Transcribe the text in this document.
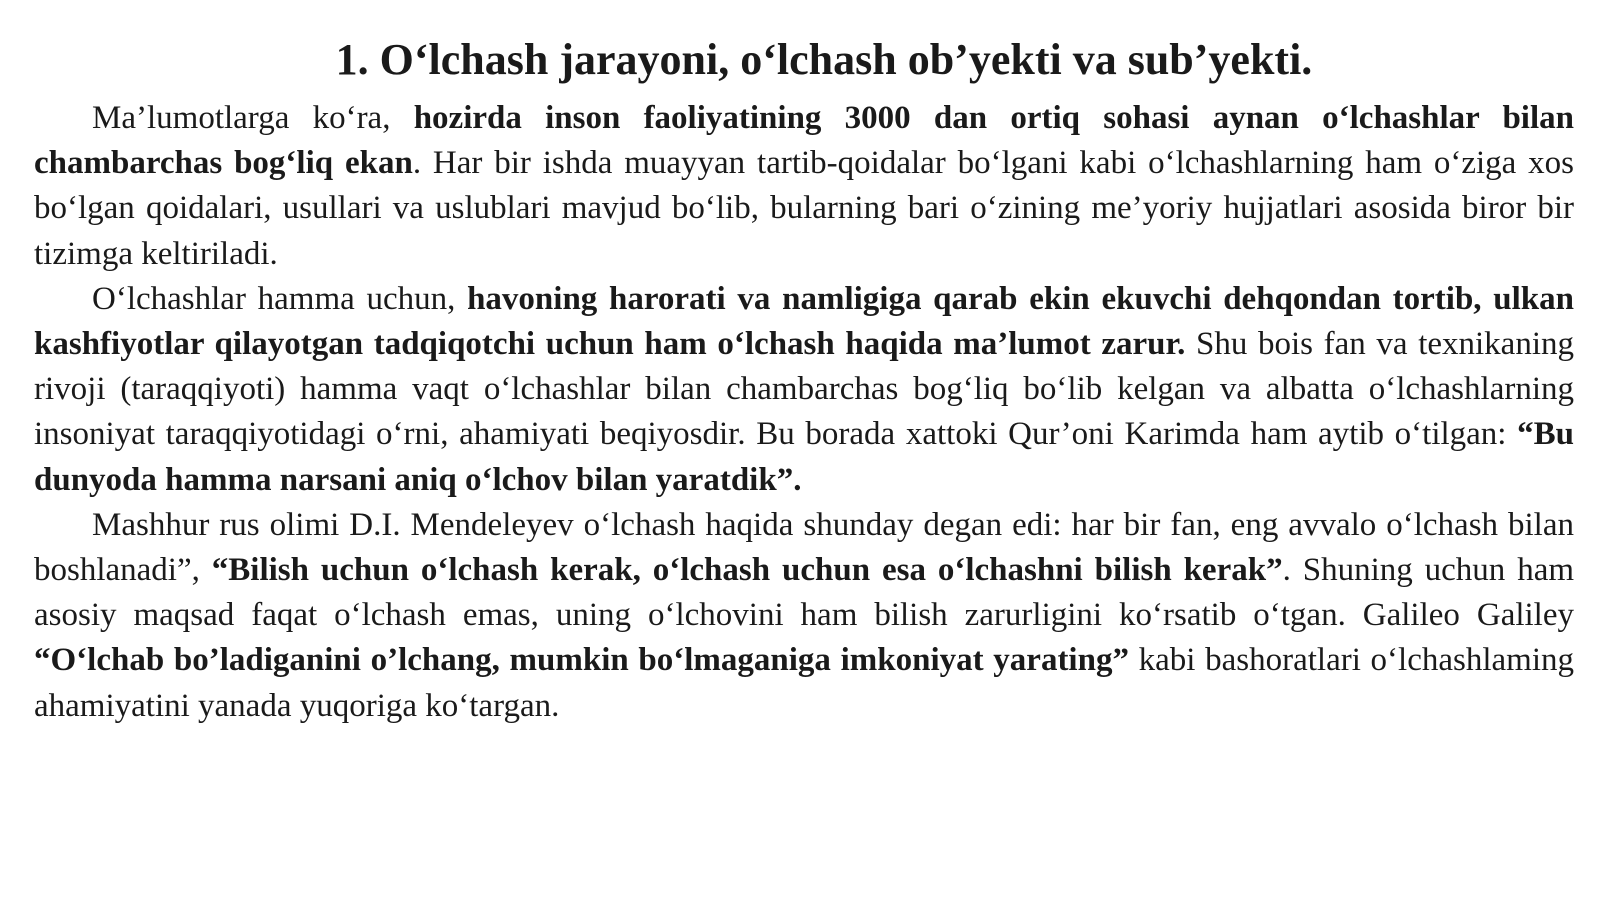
1. O‘lchash jarayoni, o‘lchash ob’yekti va sub’yekti.

Ma’lumotlarga ko‘ra, hozirda inson faoliyatining 3000 dan ortiq sohasi aynan o‘lchashlar bilan chambarchas bog‘liq ekan. Har bir ishda muayyan tartib-qoidalar bo‘lgani kabi o‘lchashlarning ham o‘ziga xos bo‘lgan qoidalari, usullari va uslublari mavjud bo‘lib, bularning bari o‘zining me’yoriy hujjatlari asosida biror bir tizimga keltiriladi.

O‘lchashlar hamma uchun, havoning harorati va namligiga qarab ekin ekuvchi dehqondan tortib, ulkan kashfiyotlar qilayotgan tadqiqotchi uchun ham o‘lchash haqida ma’lumot zarur. Shu bois fan va texnikaning rivoji (taraqqiyoti) hamma vaqt o‘lchashlar bilan chambarchas bog‘liq bo‘lib kelgan va albatta o‘lchashlarning insoniyat taraqqiyotidagi o‘rni, ahamiyati beqiyosdir. Bu borada xattoki Qur’oni Karimda ham aytib o‘tilgan: “Bu dunyoda hamma narsani aniq o‘lchov bilan yaratdik”.

Mashhur rus olimi D.I. Mendeleyev o‘lchash haqida shunday degan edi: har bir fan, eng avvalo o‘lchash bilan boshlanadi”, “Bilish uchun o‘lchash kerak, o‘lchash uchun esa o‘lchashni bilish kerak”. Shuning uchun ham asosiy maqsad faqat o‘lchash emas, uning o‘lchovini ham bilish zarurligini ko‘rsatib o‘tgan. Galileo Galiley “O‘lchab bo’ladiganini o’lchang, mumkin bo‘lmaganiga imkoniyat yarating” kabi bashoratlari o‘lchashlaming ahamiyatini yanada yuqoriga ko‘targan.
